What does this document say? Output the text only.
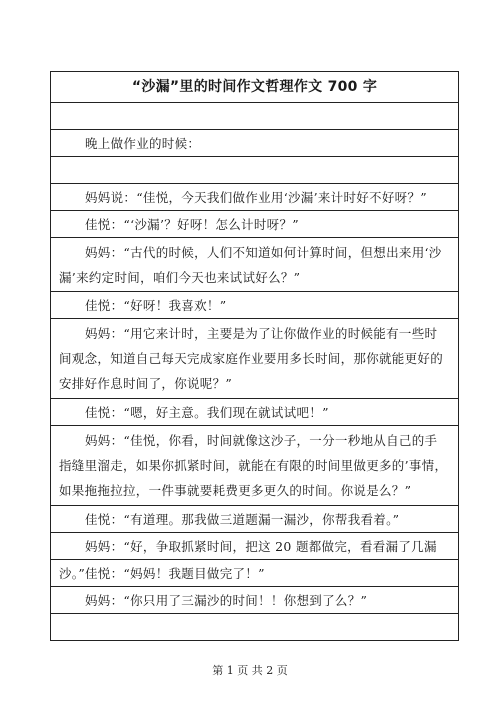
“沙漏”里的时间作文哲理作文 700 字
晚上做作业的时候：
妈妈说：“佳悦，今天我们做作业用‘沙漏’来计时好不好呀？”
佳悦：“‘沙漏’？好呀！怎么计时呀？”
妈妈：“古代的时候，人们不知道如何计算时间，但想出来用‘沙漏’来约定时间，咱们今天也来试试好么？”
佳悦：“好呀！我喜欢！”
妈妈：“用它来计时，主要是为了让你做作业的时候能有一些时间观念，知道自己每天完成家庭作业要用多长时间，那你就能更好的安排好作息时间了，你说呢？”
佳悦：“嗯，好主意。我们现在就试试吧！”
妈妈：“佳悦，你看，时间就像这沙子，一分一秒地从自己的手指缝里溜走，如果你抓紧时间，就能在有限的时间里做更多的’事情，如果拖拖拉拉，一件事就要耗费更多更久的时间。你说是么？”
佳悦：“有道理。那我做三道题漏一漏沙，你帮我看着。”
妈妈：“好，争取抓紧时间，把这 20 题都做完，看看漏了几漏沙。” 佳悦：“妈妈！我题目做完了！”
妈妈：“你只用了三漏沙的时间！！你想到了么？”
第 1 页 共 2 页
